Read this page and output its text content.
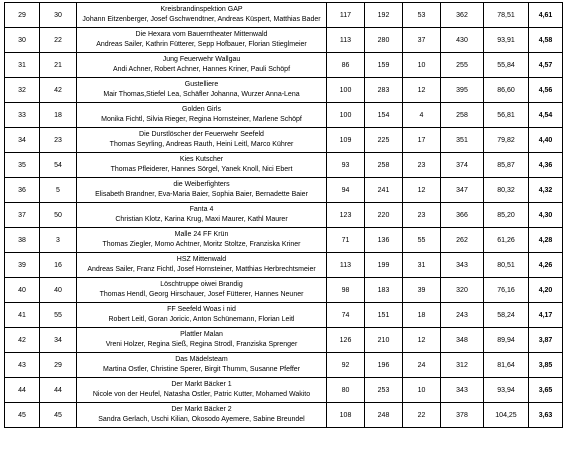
29	30	Kreisbrandinspektion GAP
Johann Eitzenberger, Josef Gschwendtner, Andreas Küspert, Matthias Bader	117	192	53	362	78,51	4,61
30	22	Die Hexara vom Bauerntheater Mittenwald
Andreas Sailer, Kathrin Fütterer, Sepp Hofbauer, Florian Stieglmeier	113	280	37	430	93,91	4,58
31	21	Jung Feuerwehr Wallgau
Andi Achner, Robert Achner, Hannes Kriner, Pauli Schöpf	86	159	10	255	55,84	4,57
32	42	Gustelliere
Mair Thomas,Stiefel Lea, Schäfler Johanna, Wurzer Anna-Lena	100	283	12	395	86,60	4,56
33	18	Golden Girls
Monika Fichtl, Silvia Rieger, Regina Hornsteiner, Marlene Schöpf	100	154	4	258	56,81	4,54
34	23	Die Durstlöscher der Feuerwehr Seefeld
Thomas Seyrling, Andreas Rauth, Heini Leitl, Marco Kührer	109	225	17	351	79,82	4,40
35	54	Kies Kutscher
Thomas Pfleiderer, Hannes Sörgel, Yanek Knoll, Nici Ebert	93	258	23	374	85,87	4,36
36	5	die Weiberfighters
Elisabeth Brandner, Eva-Maria Baier, Sophia Baier, Bernadette Baier	94	241	12	347	80,32	4,32
37	50	Fanta 4
Christian Klotz, Karina Krug, Maxi Maurer, Kathl Maurer	123	220	23	366	85,20	4,30
38	3	Malle 24 FF Krün
Thomas Ziegler, Momo Achtner, Moritz Stoltze, Franziska Kriner	71	136	55	262	61,26	4,28
39	16	HSZ Mittenwald
Andreas Sailer, Franz Fichtl, Josef Hornsteiner, Matthias Herbrechtsmeier	113	199	31	343	80,51	4,26
40	40	Löschtruppe oiwei Brandig
Thomas Hendl, Georg Hirschauer, Josef Fütterer, Hannes Neuner	98	183	39	320	76,16	4,20
41	55	FF Seefeld Woas i nid
Robert Leitl, Goran Joricic, Anton Schünemann, Florian Leitl	74	151	18	243	58,24	4,17
42	34	Plattler Malan
Vreni Holzer, Regina Sieß, Regina Strodl, Franziska Sprenger	126	210	12	348	89,94	3,87
43	29	Das Mädelsteam
Martina Ostler, Christine Sperer, Birgit Thumm, Susanne Pfeffer	92	196	24	312	81,64	3,85
44	44	Der Markt Bäcker 1
Nicole von der Heufel, Natasha Ostler, Patric Kutter, Mohamed Wakito	80	253	10	343	93,94	3,65
45	45	Der Markt Bäcker 2
Sandra Gerlach, Uschi Kilian, Okosodo Ayemere, Sabine Breundel	108	248	22	378	104,25	3,63
